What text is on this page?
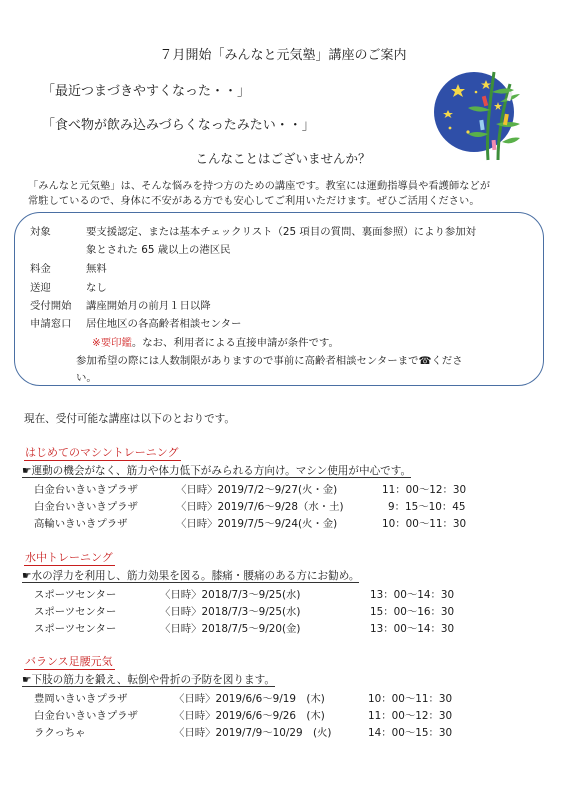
７月開始「みんなと元気塾」講座のご案内
「最近つまづきやすくなった・・」
「食べ物が飲み込みづらくなったみたい・・」
こんなことはございませんか？
「みんなと元気塾」は、そんな悩みを持つ方のための講座です。教室には運動指導員や看護師などが
常駐しているので、身体に不安がある方でも安心してご利用いただけます。ぜひご活用ください。
対象	要支援認定、または基本チェックリスト（25 項目の質問、裏面参照）により参加対
象とされた 65 歳以上の港区民
料金	無料
送迎	なし
受付開始 講座開始月の前月１日以降
申請窓口 居住地区の各高齢者相談センター
※要印鑑。なお、利用者による直接申請が条件です。
参加希望の際には人数制限がありますので事前に高齢者相談センターまで☎くださ
い。
現在、受付可能な講座は以下のとおりです。
はじめてのマシントレーニング
☛運動の機会がなく、筋力や体力低下がみられる方向け。マシン使用が中心です。
白金台いきいきプラザ	〈日時〉2019/7/2～9/27(火・金)	11：00～12：30
白金台いきいきプラザ	〈日時〉2019/7/6～9/28（水・土)	9：15～10：45
高輪いきいきプラザ	〈日時〉2019/7/5～9/24(火・金)	10：00～11：30
水中トレーニング
☛水の浮力を利用し、筋力効果を図る。膝痛・腰痛のある方にお勧め。
スポーツセンター	〈日時〉2018/7/3～9/25(水)	13：00～14：30
スポーツセンター	〈日時〉2018/7/3～9/25(水)	15：00～16：30
スポーツセンター	〈日時〉2018/7/5～9/20(金)	13：00～14：30
バランス足腰元気
☛下肢の筋力を鍛え、転倒や骨折の予防を図ります。
豊岡いきいきプラザ	〈日時〉2019/6/6～9/19　(木)	10：00～11：30
白金台いきいきプラザ	〈日時〉2019/6/6～9/26　(木)	11：00～12：30
ラクっちゃ	〈日時〉2019/7/9～10/29　(火)	14：00～15：30
